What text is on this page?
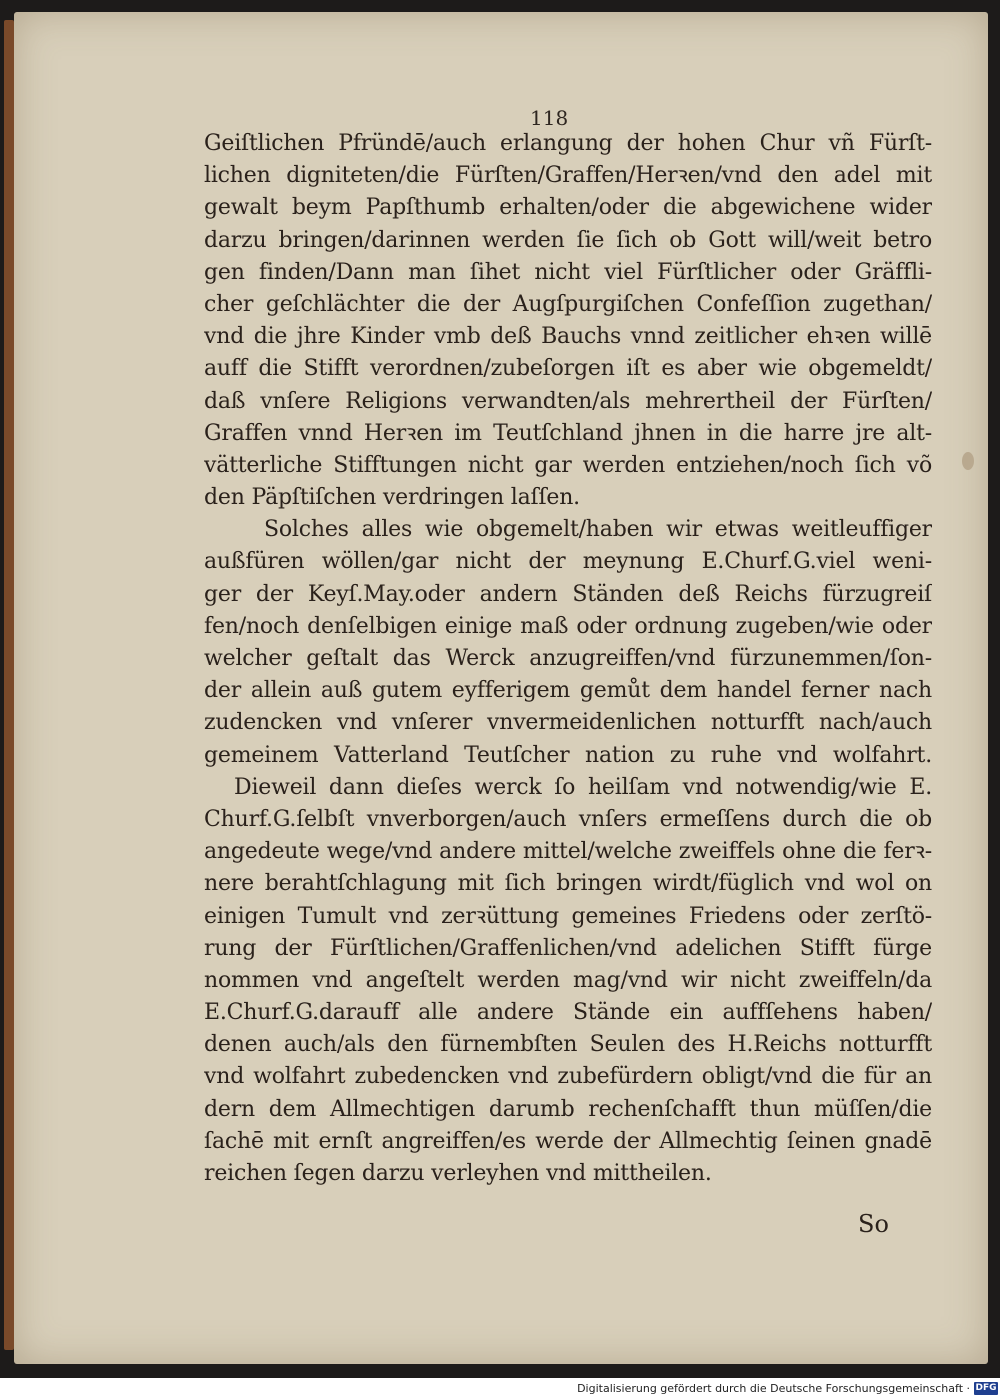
118
Geiſtlichen Pfründē/auch erlangung der hohen Chur vñ Fürſt-
lichen digniteten/die Fürſten/Graffen/Herꝛen/vnd den adel mit
gewalt beym Papſthumb erhalten/oder die abgewichene wider
darzu bringen/darinnen werden ſie ſich ob Gott will/weit betro
gen finden/Dann man ſihet nicht viel Fürſtlicher oder Gräffli-
cher geſchlächter die der Augſpurgiſchen Confeſſion zugethan/
vnd die jhre Kinder vmb deß Bauchs vnnd zeitlicher ehꝛen willē
auff die Stifft verordnen/zubeſorgen iſt es aber wie obgemeldt/
daß vnſere Religions verwandten/als mehrertheil der Fürſten/
Graffen vnnd Herꝛen im Teutſchland jhnen in die harre jre alt-
vätterliche Stifftungen nicht gar werden entziehen/noch ſich võ
den Päpſtiſchen verdringen laſſen.
Solches alles wie obgemelt/haben wir etwas weitleuffiger
außfüren wöllen/gar nicht der meynung E.Churf.G.viel weni-
ger der Keyſ.May.oder andern Ständen deß Reichs fürzugreiſ
fen/noch denſelbigen einige maß oder ordnung zugeben/wie oder
welcher geſtalt das Werck anzugreiffen/vnd fürzunemmen/ſon-
der allein auß gutem eyfferigem gemůt dem handel ferner nach
zudencken vnd vnſerer vnvermeidenlichen notturfft nach/auch
gemeinem Vatterland Teutſcher nation zu ruhe vnd wolfahrt.
Dieweil dann dieſes werck ſo heilſam vnd notwendig/wie E.
Churf.G.ſelbſt vnverborgen/auch vnſers ermeſſens durch die ob
angedeute wege/vnd andere mittel/welche zweiffels ohne die ferꝛ-
nere berahtſchlagung mit ſich bringen wirdt/füglich vnd wol on
einigen Tumult vnd zerꝛüttung gemeines Friedens oder zerſtö-
rung der Fürſtlichen/Graffenlichen/vnd adelichen Stifft fürge
nommen vnd angeſtelt werden mag/vnd wir nicht zweiffeln/da
E.Churf.G.darauff alle andere Stände ein auffſehens haben/
denen auch/als den fürnembſten Seulen des H.Reichs notturfft
vnd wolfahrt zubedencken vnd zubefürdern obligt/vnd die für an
dern dem Allmechtigen darumb rechenſchafft thun müſſen/die
ſachē mit ernſt angreiffen/es werde der Allmechtig ſeinen gnadē
reichen ſegen darzu verleyhen vnd mittheilen.
So
Digitalisierung gefördert durch die Deutsche Forschungsgemeinschaft · DFG
